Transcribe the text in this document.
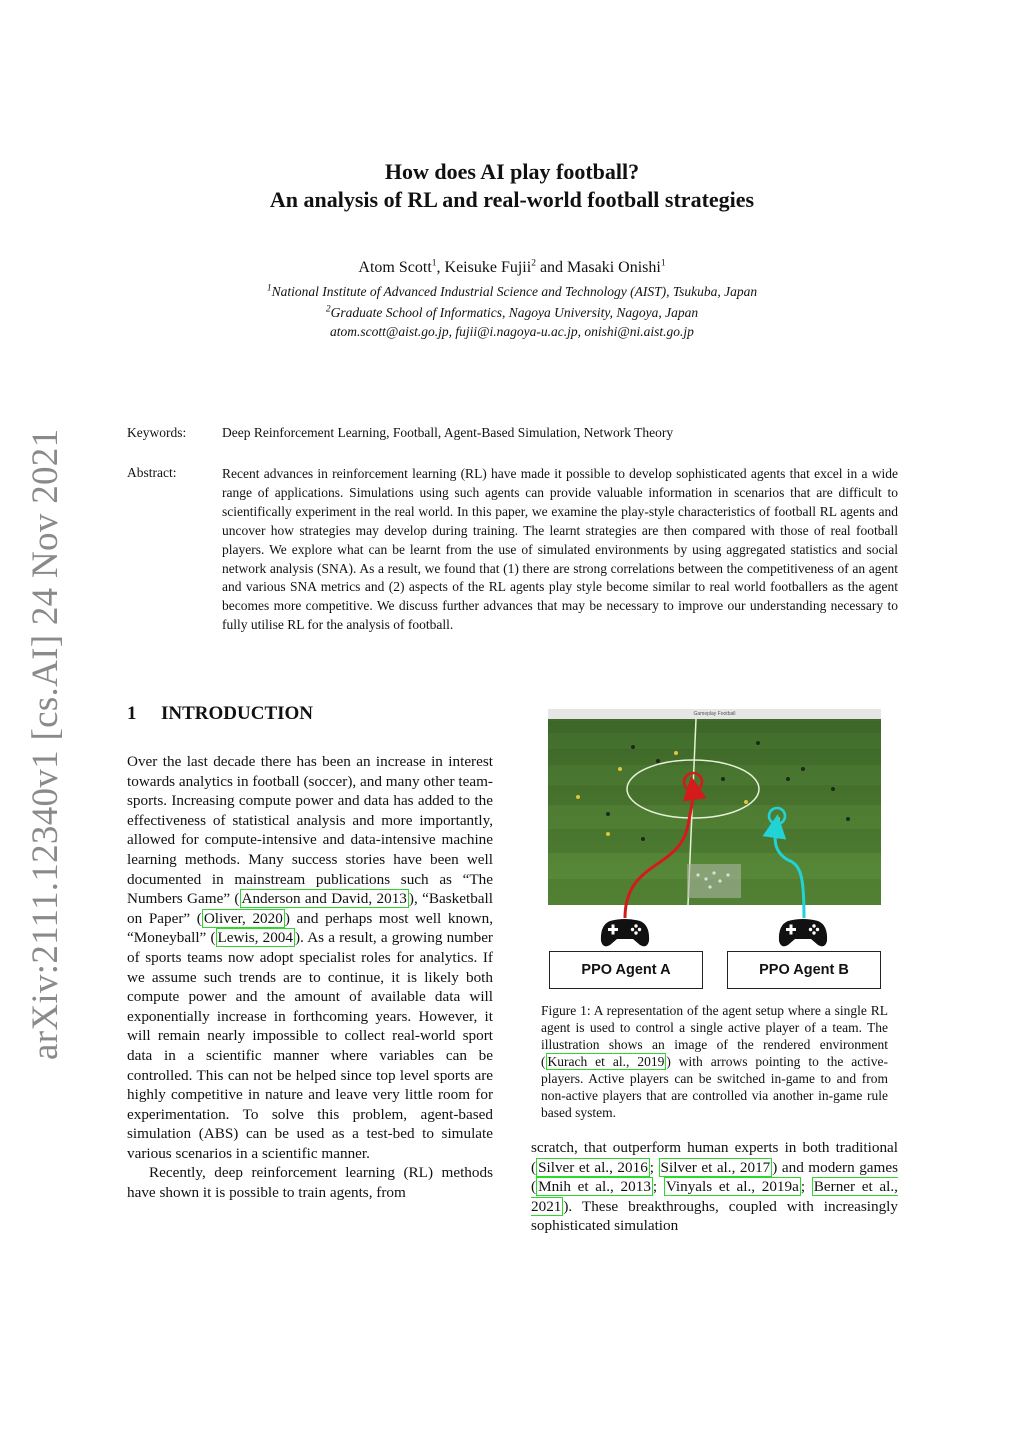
arXiv:2111.12340v1 [cs.AI] 24 Nov 2021
How does AI play football?
An analysis of RL and real-world football strategies
Atom Scott$^1$, Keisuke Fujii$^2$ and Masaki Onishi$^1$
$^1$National Institute of Advanced Industrial Science and Technology (AIST), Tsukuba, Japan
$^2$Graduate School of Informatics, Nagoya University, Nagoya, Japan
atom.scott@aist.go.jp, fujii@i.nagoya-u.ac.jp, onishi@ni.aist.go.jp
Keywords:	Deep Reinforcement Learning, Football, Agent-Based Simulation, Network Theory
Abstract:	Recent advances in reinforcement learning (RL) have made it possible to develop sophisticated agents that excel in a wide range of applications. Simulations using such agents can provide valuable information in scenarios that are difficult to scientifically experiment in the real world. In this paper, we examine the play-style characteristics of football RL agents and uncover how strategies may develop during training. The learnt strategies are then compared with those of real football players. We explore what can be learnt from the use of simulated environments by using aggregated statistics and social network analysis (SNA). As a result, we found that (1) there are strong correlations between the competitiveness of an agent and various SNA metrics and (2) aspects of the RL agents play style become similar to real world footballers as the agent becomes more competitive. We discuss further advances that may be necessary to improve our understanding necessary to fully utilise RL for the analysis of football.
1 INTRODUCTION

Over the last decade there has been an increase in interest towards analytics in football (soccer), and many other team-sports. Increasing compute power and data has added to the effectiveness of statistical analysis and more importantly, allowed for compute-intensive and data-intensive machine learning methods. Many success stories have been well documented in mainstream publications such as “The Numbers Game” ( Anderson and David, 2013 ), “Basketball on Paper” ( Oliver, 2020 ) and perhaps most well known, “Moneyball” ( Lewis, 2004 ). As a result, a growing number of sports teams now adopt specialist roles for analytics. If we assume such trends are to continue, it is likely both compute power and the amount of available data will exponentially increase in forthcoming years. However, it will remain nearly impossible to collect real-world sport data in a scientific manner where variables can be controlled. This can not be helped since top level sports are highly competitive in nature and leave very little room for experimentation. To solve this problem, agent-based simulation (ABS) can be used as a test-bed to simulate various scenarios in a scientific manner.

Recently, deep reinforcement learning (RL) methods have shown it is possible to train agents, from

Gameplay Football
PPO Agent A	PPO Agent B
Figure 1: A representation of the agent setup where a single RL agent is used to control a single active player of a team. The illustration shows an image of the rendered environment ( Kurach et al., 2019 ) with arrows pointing to the active-players. Active players can be switched in-game to and from non-active players that are controlled via another in-game rule based system.

scratch, that outperform human experts in both traditional ( Silver et al., 2016 ; Silver et al., 2017 ) and modern games ( Mnih et al., 2013 ; Vinyals et al., 2019a ; Berner et al., 2021 ). These breakthroughs, coupled with increasingly sophisticated simulation
